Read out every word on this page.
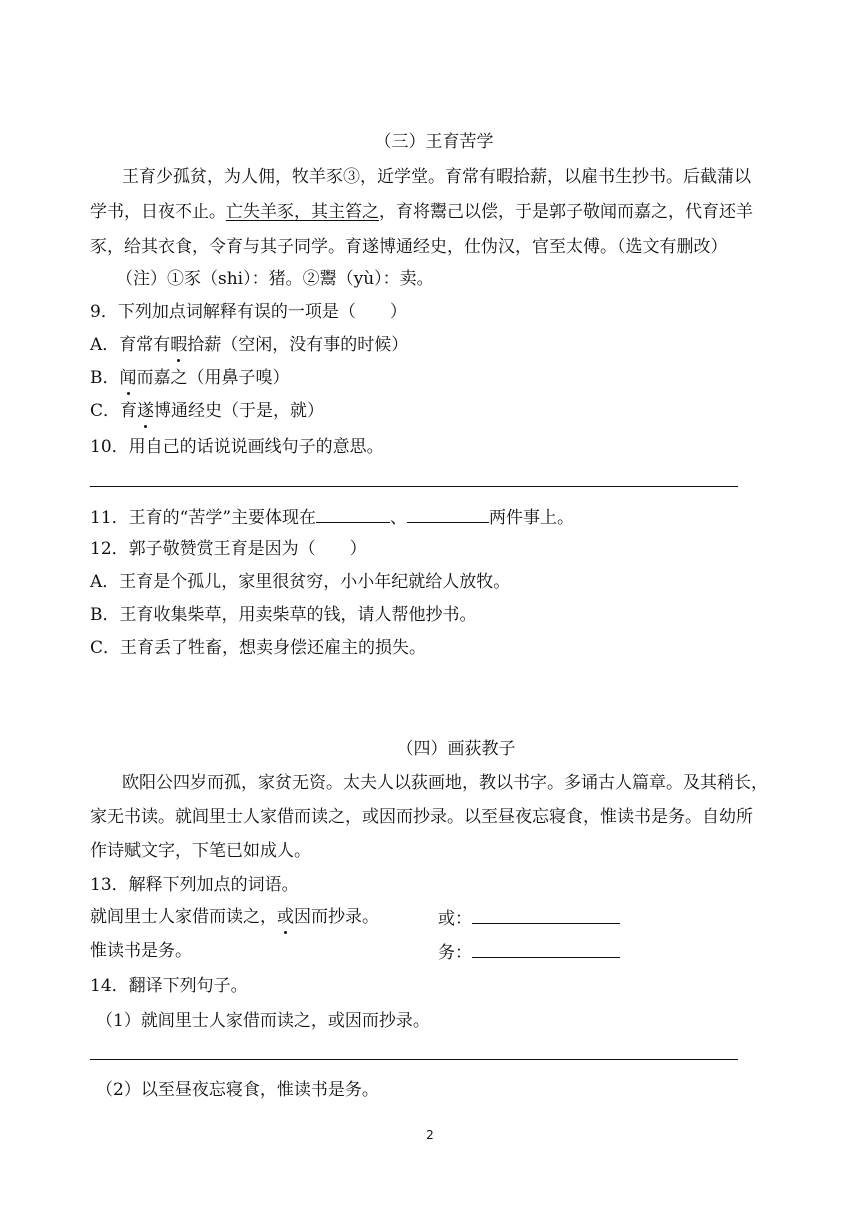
（三）王育苦学
王育少孤贫，为人佣，牧羊豕③，近学堂。育常有暇拾薪，以雇书生抄书。后截蒲以
学书，日夜不止。亡失羊豕，其主笞之，育将鬻己以偿，于是郭子敬闻而嘉之，代育还羊
豕，给其衣食，令育与其子同学。育遂博通经史，仕伪汉，官至太傅。（选文有删改）
（注）①豕（shi）：猪。②鬻（yù）：卖。
9．下列加点词解释有误的一项是（　　）
A．育常有暇拾薪（空闲，没有事的时候）
B．闻而嘉之（用鼻子嗅）
C．育遂博通经史（于是，就）
10．用自己的话说说画线句子的意思。
11．王育的“苦学”主要体现在	、	两件事上。
12．郭子敬赞赏王育是因为（　　）
A．王育是个孤儿，家里很贫穷，小小年纪就给人放牧。
B．王育收集柴草，用卖柴草的钱，请人帮他抄书。
C．王育丢了牲畜，想卖身偿还雇主的损失。
（四）画荻教子
欧阳公四岁而孤，家贫无资。太夫人以荻画地，教以书字。多诵古人篇章。及其稍长，
家无书读。就闾里士人家借而读之，或因而抄录。以至昼夜忘寝食，惟读书是务。自幼所
作诗赋文字，下笔已如成人。
13．解释下列加点的词语。
就闾里士人家借而读之，或因而抄录。	或：
惟读书是务。	务：
14．翻译下列句子。
（1）就闾里士人家借而读之，或因而抄录。
（2）以至昼夜忘寝食，惟读书是务。
2
